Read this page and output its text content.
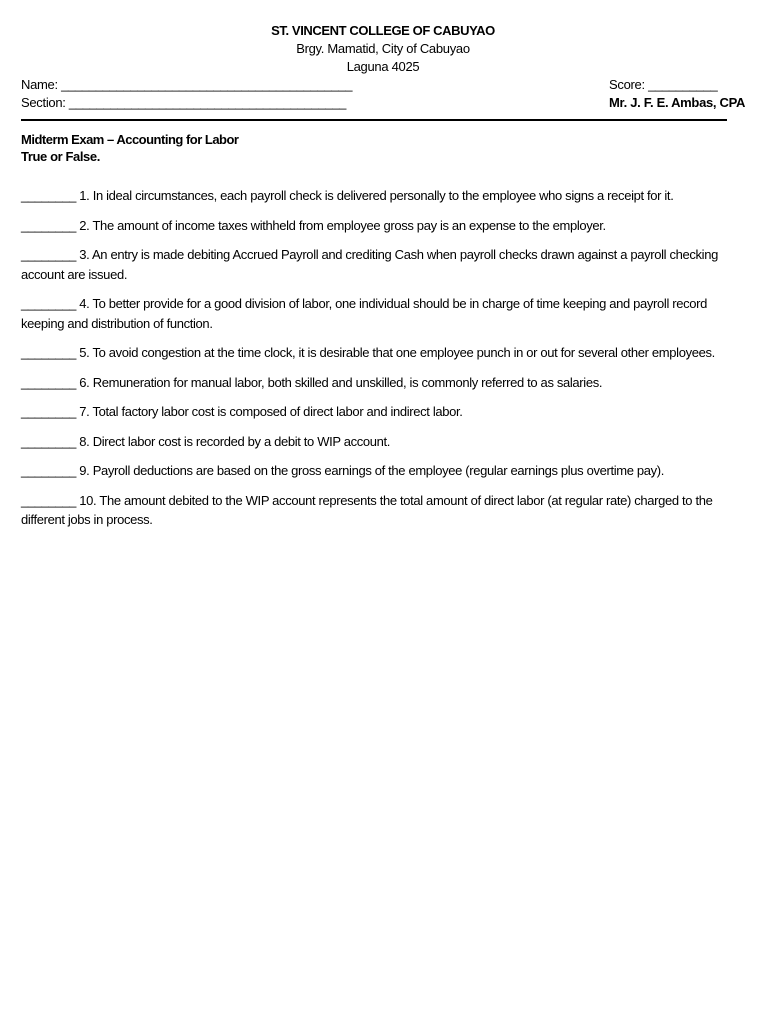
ST. VINCENT COLLEGE OF CABUYAO
Brgy. Mamatid, City of Cabuyao
Laguna 4025
Name: __________________________________________	Score: __________
Section: ________________________________________	Mr. J. F. E. Ambas, CPA
Midterm Exam – Accounting for Labor
True or False.
________ 1. In ideal circumstances, each payroll check is delivered personally to the employee who signs a receipt for it.
________ 2. The amount of income taxes withheld from employee gross pay is an expense to the employer.
________ 3. An entry is made debiting Accrued Payroll and crediting Cash when payroll checks drawn against a payroll checking account are issued.
________ 4. To better provide for a good division of labor, one individual should be in charge of time keeping and payroll record keeping and distribution of function.
________ 5. To avoid congestion at the time clock, it is desirable that one employee punch in or out for several other employees.
________ 6. Remuneration for manual labor, both skilled and unskilled, is commonly referred to as salaries.
________ 7. Total factory labor cost is composed of direct labor and indirect labor.
________ 8. Direct labor cost is recorded by a debit to WIP account.
________ 9. Payroll deductions are based on the gross earnings of the employee (regular earnings plus overtime pay).
________ 10. The amount debited to the WIP account represents the total amount of direct labor (at regular rate) charged to the different jobs in process.
